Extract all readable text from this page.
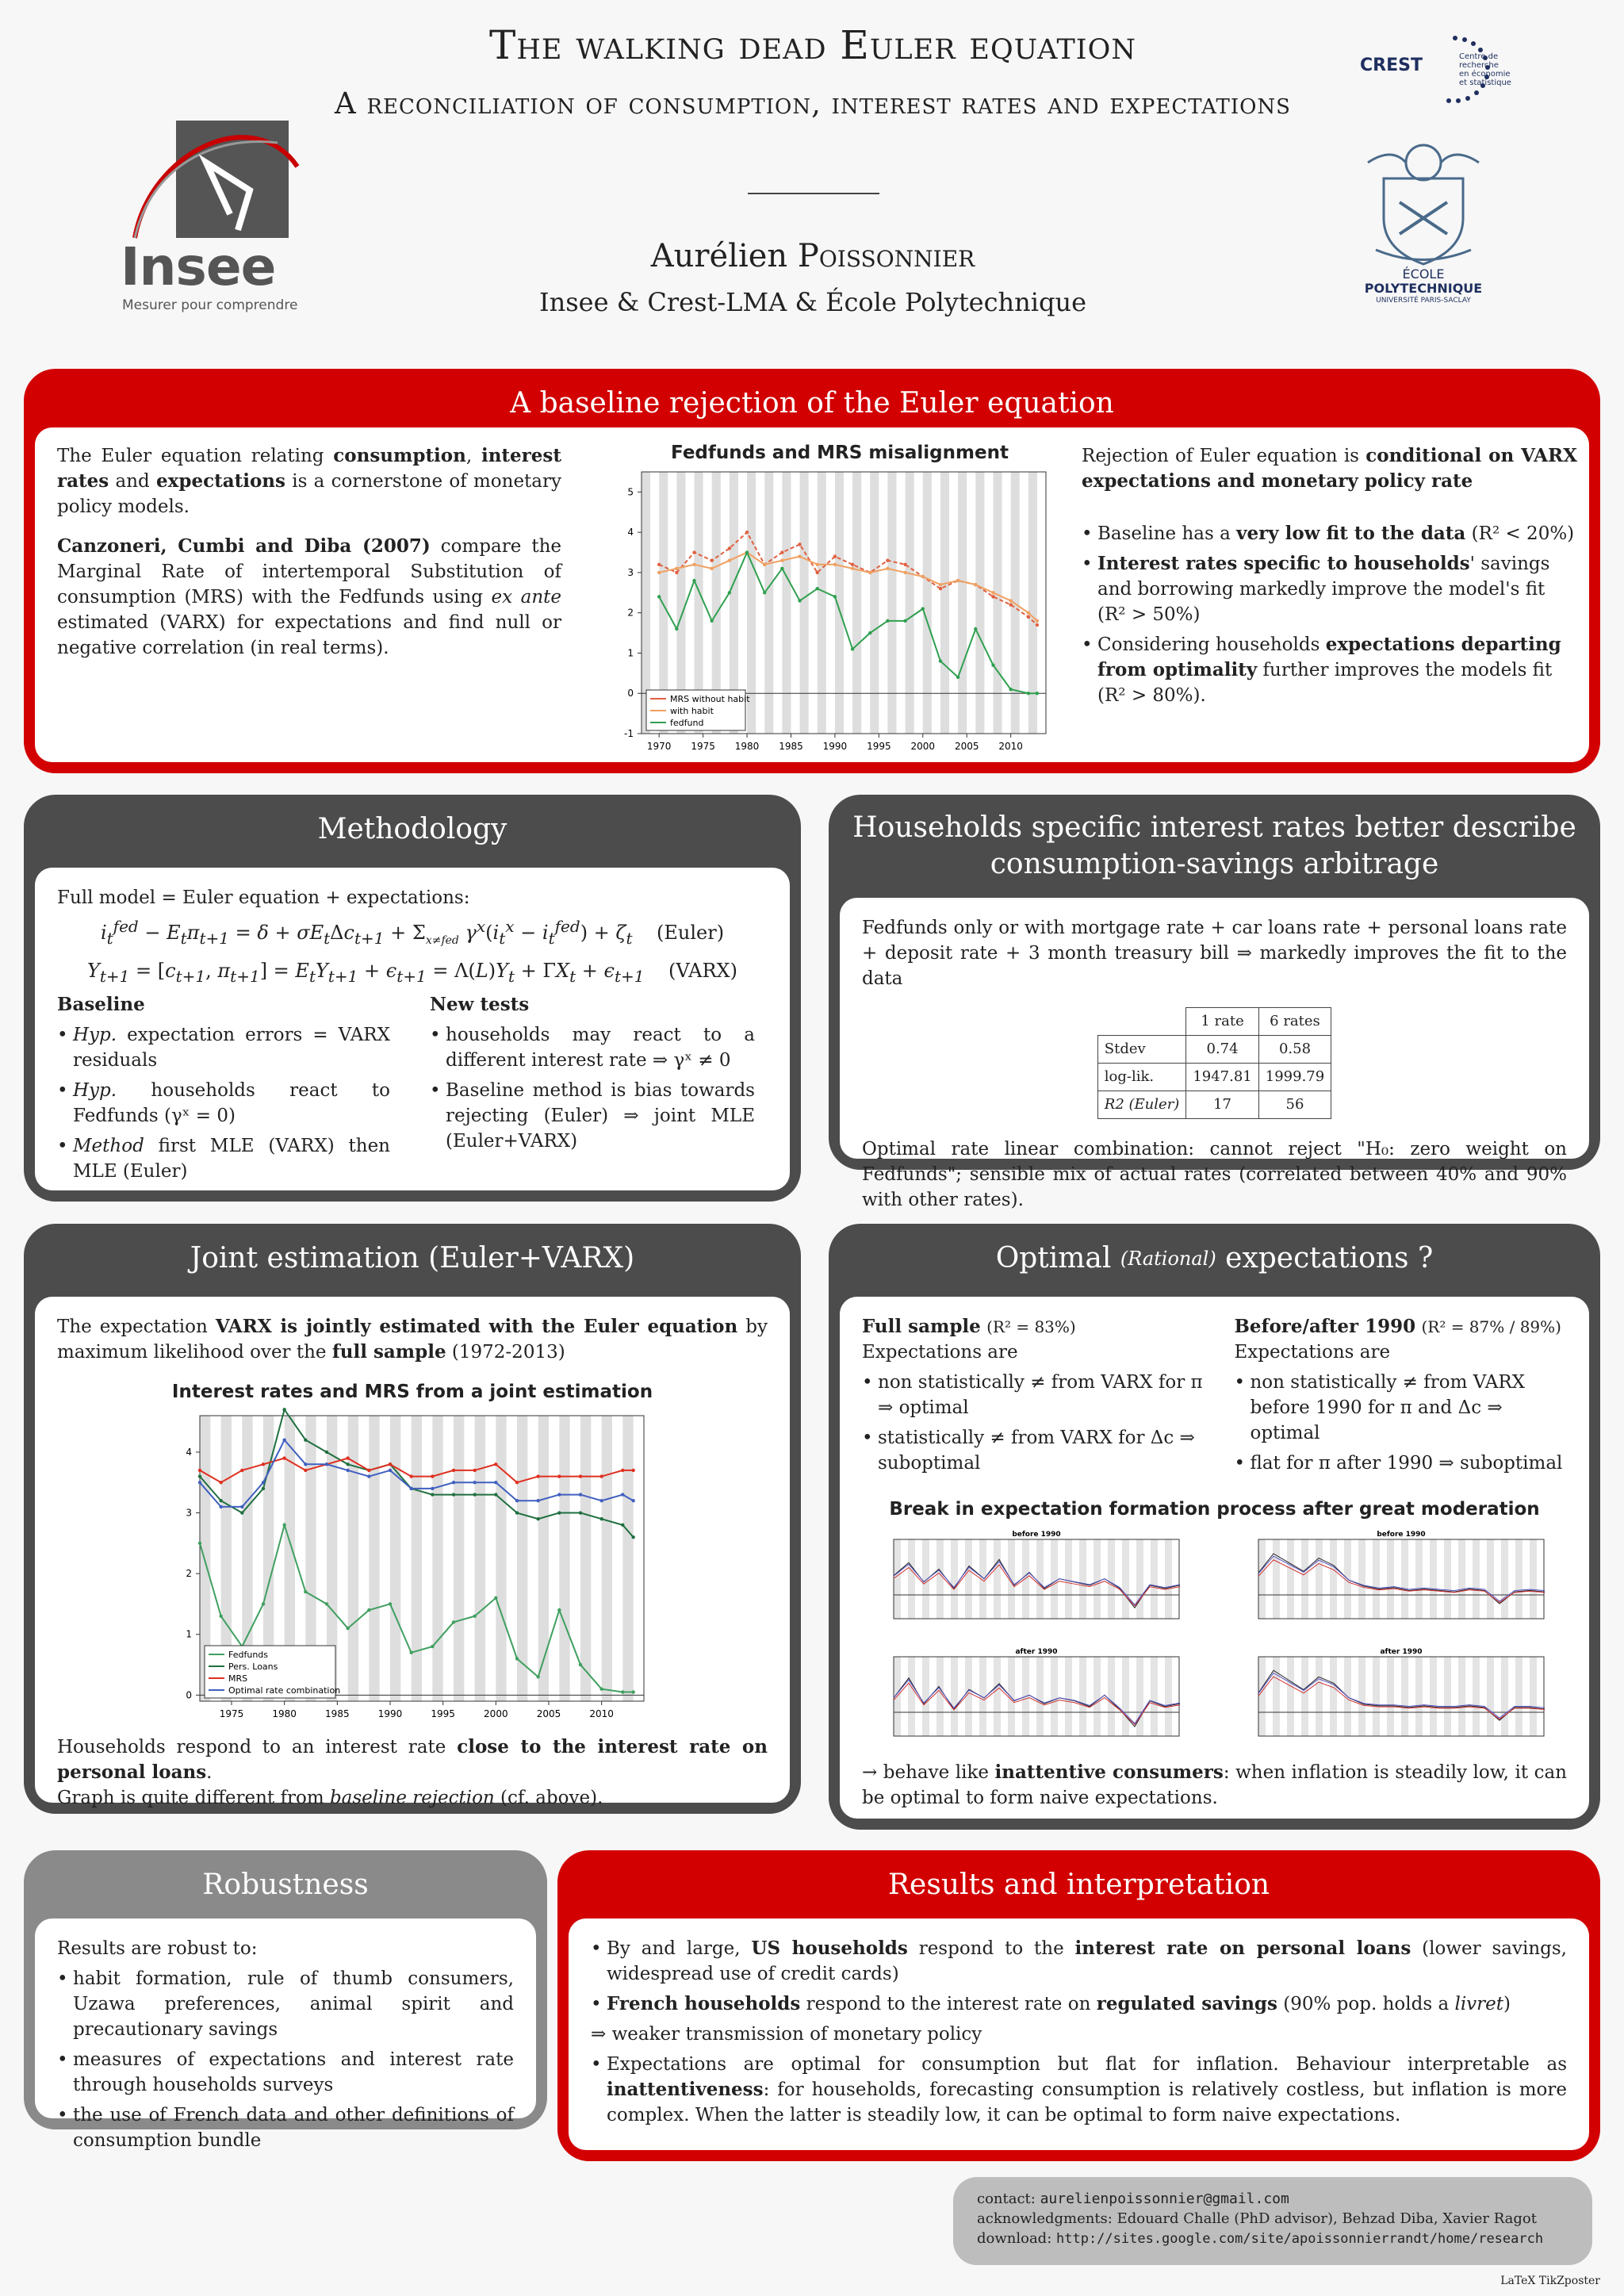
Insee
Mesurer pour comprendre
The walking dead Euler equation
A reconciliation of consumption, interest rates and expectations
Aurélien Poissonnier
Insee & Crest-LMA & École Polytechnique
CREST	Centre de
recherche
en économie
et statistique
ÉCOLE
POLYTECHNIQUE
UNIVERSITÉ PARIS-SACLAY
A baseline rejection of the Euler equation

The Euler equation relating consumption, interest rates and expectations is a cornerstone of monetary policy models.

Canzoneri, Cumbi and Diba (2007) compare the Marginal Rate of intertemporal Substitution of consumption (MRS) with the Fedfunds using ex ante estimated (VARX) for expectations and find null or negative correlation (in real terms).

Fedfunds and MRS misalignment
1970 1975 1980 1985 1990 1995 2000 2005 2010
-1
0
1
2
3
4
5
MRS without habit
with habit
fedfund

Rejection of Euler equation is conditional on VARX expectations and monetary policy rate

• Baseline has a very low fit to the data (R² < 20%)
• Interest rates specific to households' savings and borrowing markedly improve the model's fit (R² > 50%)
• Considering households expectations departing from optimality further improves the models fit (R² > 80%).
Methodology
Full model = Euler equation + expectations:
$i_t^{fed} - E_t\pi_{t+1} = \delta + \sigma E_t\Delta c_{t+1} + \Sigma_{x\ne fed}$ $\gamma^x(i_t^x - i_t^{fed}) + \zeta_t$ (Euler)
$Y_{t+1} = [c_{t+1}$, $\pi_{t+1}] = E_tY_{t+1} + \epsilon_{t+1} = \Lambda(L)Y_t + \Gamma X_t + \epsilon_{t+1}$ (VARX)
Baseline
• Hyp. expectation errors = VARX residuals
• Hyp. households react to Fedfunds (γˣ = 0)
• Method first MLE (VARX) then MLE (Euler)
New tests
• households may react to a different interest rate ⇒ γˣ ≠ 0
• Baseline method is bias towards rejecting (Euler) ⇒ joint MLE (Euler+VARX)
Households specific interest rates better describe consumption-savings arbitrage

Fedfunds only or with mortgage rate + car loans rate + personal loans rate + deposit rate + 3 month treasury bill ⇒ markedly improves the fit to the data

	1 rate	6 rates
Stdev	0.74	0.58
log-lik.	1947.81	1999.79
R2 (Euler)	17	56

Optimal rate linear combination: cannot reject "H₀: zero weight on Fedfunds"; sensible mix of actual rates (correlated between 40% and 90% with other rates).

Joint estimation (Euler+VARX)

The expectation VARX is jointly estimated with the Euler equation by maximum likelihood over the full sample (1972-2013)

Interest rates and MRS from a joint estimation
1975	1980	1985	1990	1995	2000	2005	2010
0
1
2
3
4
Fedfunds
Pers. Loans
MRS
Optimal rate combination

Households respond to an interest rate close to the interest rate on personal loans.

Graph is quite different from baseline rejection (cf. above).

Optimal
(Rational)
expectations ?
Full sample (R² = 83%)
Expectations are
• non statistically ≠ from VARX for π ⇒ optimal
• statistically ≠ from VARX for Δc ⇒ suboptimal
Before/after 1990 (R² = 87% / 89%)
Expectations are
• non statistically ≠ from VARX before 1990 for π and Δc ⇒ optimal
• flat for π after 1990 ⇒ suboptimal
Break in expectation formation process after great moderation
before 1990	before 1990
after 1990	after 1990

→ behave like inattentive consumers: when inflation is steadily low, it can be optimal to form naive expectations.

Robustness
Results are robust to:
• habit formation, rule of thumb consumers, Uzawa preferences, animal spirit and precautionary savings
• measures of expectations and interest rate through households surveys
• the use of French data and other definitions of consumption bundle
Results and interpretation
• By and large, US households respond to the interest rate on personal loans (lower savings, widespread use of credit cards)
• French households respond to the interest rate on regulated savings (90% pop. holds a livret)
⇒ weaker transmission of monetary policy
• Expectations are optimal for consumption but flat for inflation. Behaviour interpretable as inattentiveness: for households, forecasting consumption is relatively costless, but inflation is more complex. When the latter is steadily low, it can be optimal to form naive expectations.
contact: aurelienpoissonnier@gmail.com
acknowledgments: Edouard Challe (PhD advisor), Behzad Diba, Xavier Ragot
download: http://sites.google.com/site/apoissonnierrandt/home/research
LaTeX TikZposter
